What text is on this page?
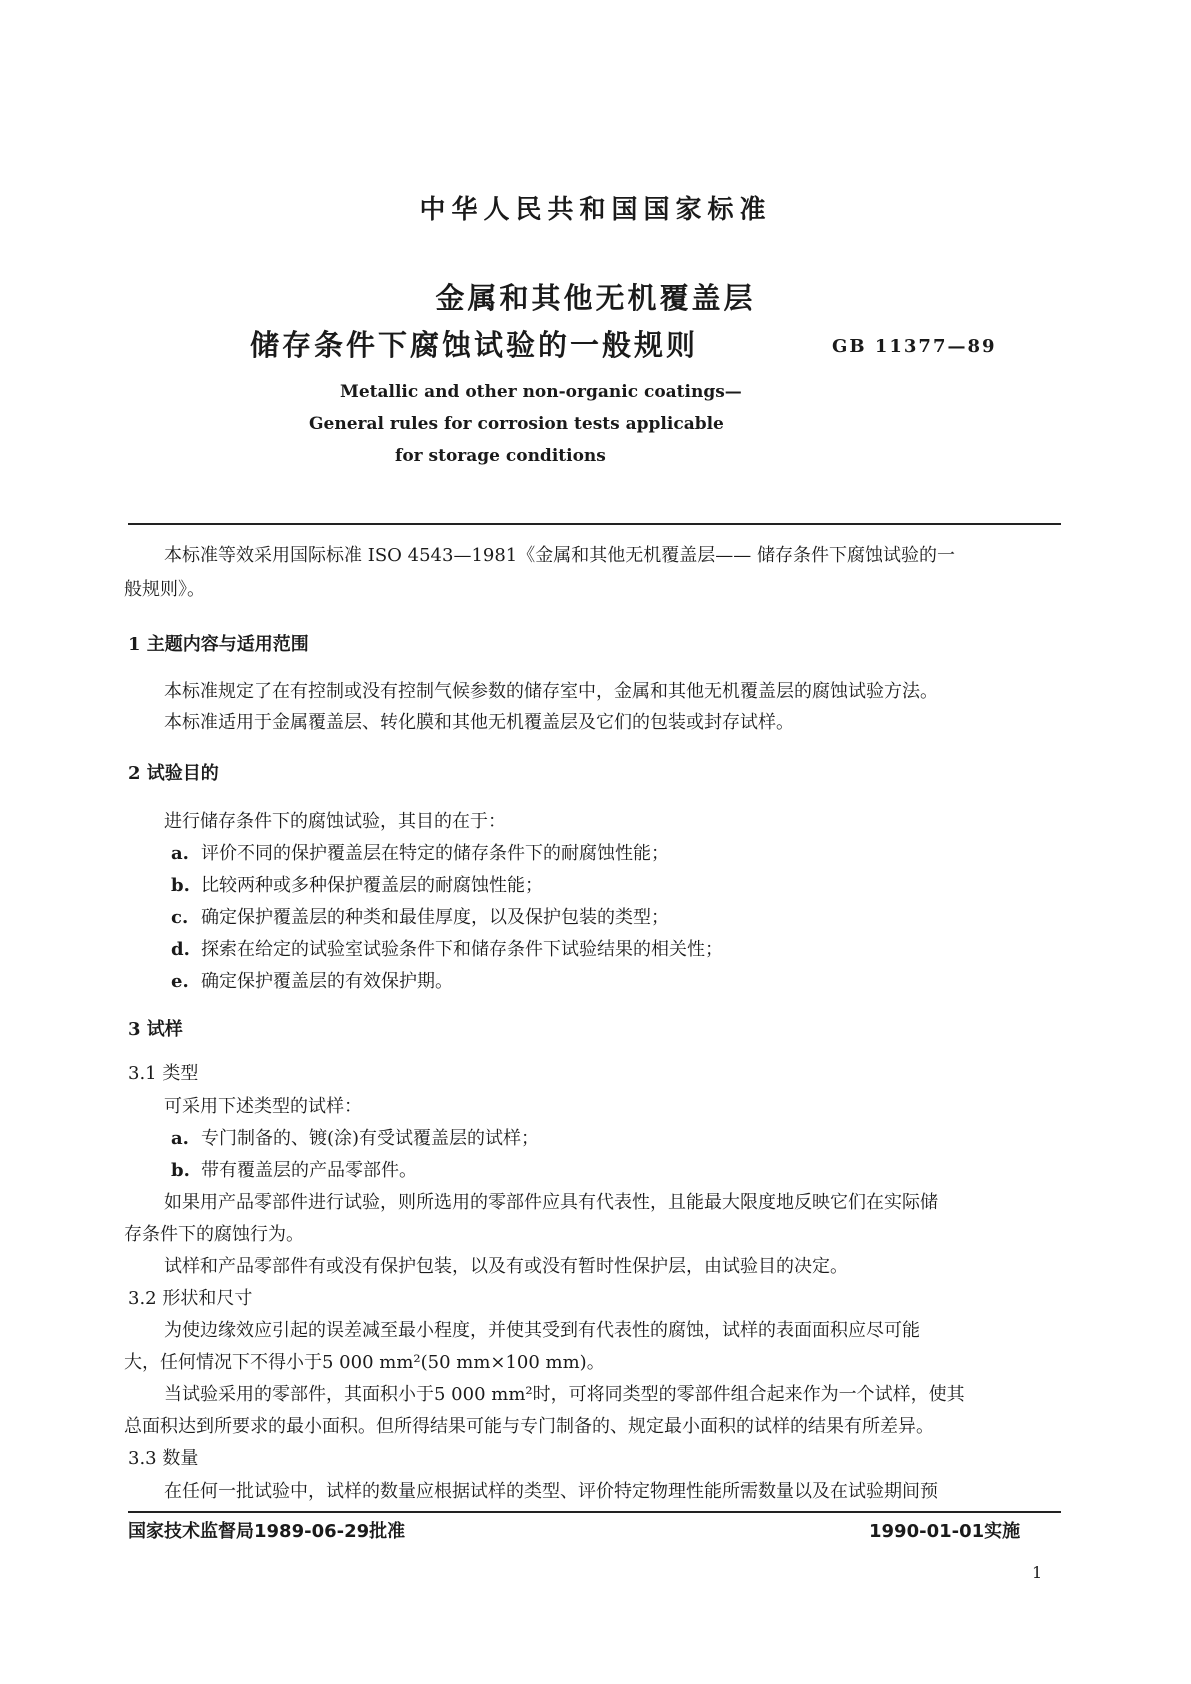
中华人民共和国国家标准
金属和其他无机覆盖层
储存条件下腐蚀试验的一般规则	GB 11377—89
Metallic and other non-organic coatings—
General rules for corrosion tests applicable
for storage conditions
本标准等效采用国际标准 ISO 4543—1981《金属和其他无机覆盖层—— 储存条件下腐蚀试验的一
般规则》。
1 主题内容与适用范围
本标准规定了在有控制或没有控制气候参数的储存室中，金属和其他无机覆盖层的腐蚀试验方法。
本标准适用于金属覆盖层、转化膜和其他无机覆盖层及它们的包装或封存试样。
2 试验目的
进行储存条件下的腐蚀试验，其目的在于：
a. 评价不同的保护覆盖层在特定的储存条件下的耐腐蚀性能；
b. 比较两种或多种保护覆盖层的耐腐蚀性能；
c. 确定保护覆盖层的种类和最佳厚度，以及保护包装的类型；
d. 探索在给定的试验室试验条件下和储存条件下试验结果的相关性；
e. 确定保护覆盖层的有效保护期。
3 试样
3.1 类型
可采用下述类型的试样：
a. 专门制备的、镀(涂)有受试覆盖层的试样；
b. 带有覆盖层的产品零部件。
如果用产品零部件进行试验，则所选用的零部件应具有代表性，且能最大限度地反映它们在实际储
存条件下的腐蚀行为。
试样和产品零部件有或没有保护包装，以及有或没有暂时性保护层，由试验目的决定。
3.2 形状和尺寸
为使边缘效应引起的误差减至最小程度，并使其受到有代表性的腐蚀，试样的表面面积应尽可能
大，任何情况下不得小于5 000 mm²(50 mm×100 mm)。
当试验采用的零部件，其面积小于5 000 mm²时，可将同类型的零部件组合起来作为一个试样，使其
总面积达到所要求的最小面积。但所得结果可能与专门制备的、规定最小面积的试样的结果有所差异。
3.3 数量
在任何一批试验中，试样的数量应根据试样的类型、评价特定物理性能所需数量以及在试验期间预
国家技术监督局1989-06-29批准	1990-01-01实施
1
